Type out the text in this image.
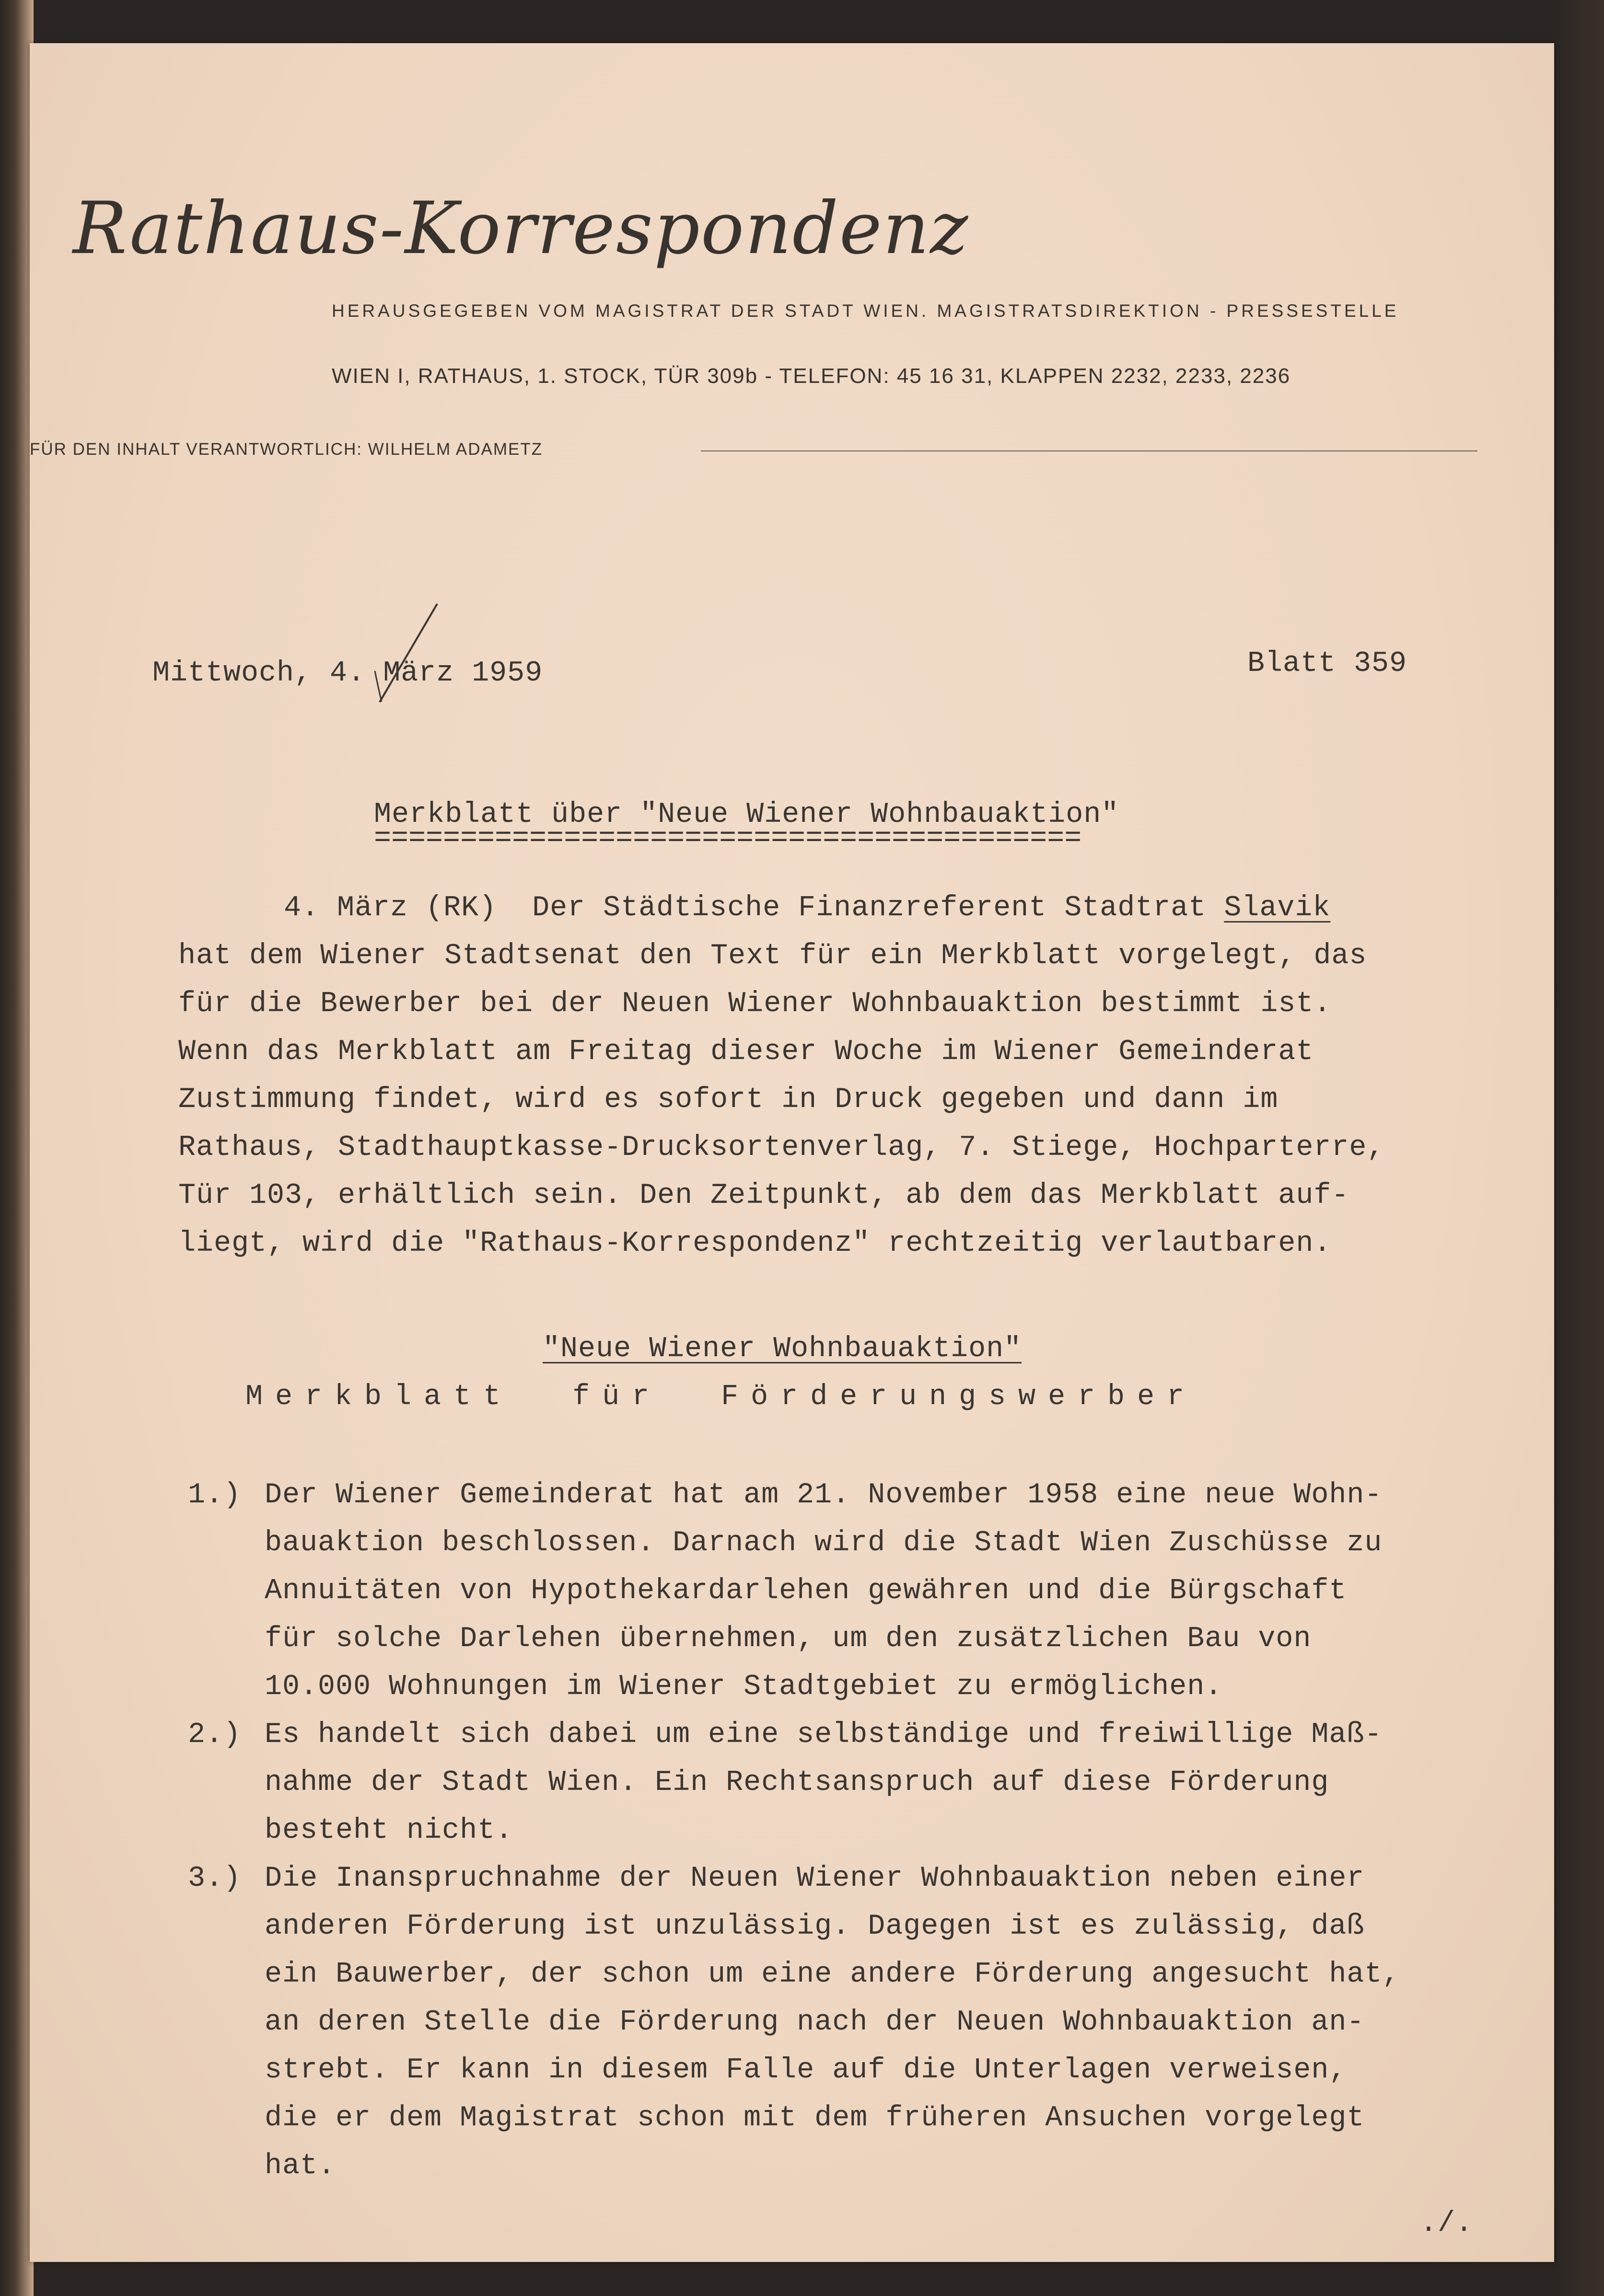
Rathaus-Korrespondenz
HERAUSGEGEBEN VOM MAGISTRAT DER STADT WIEN. MAGISTRATSDIREKTION - PRESSESTELLE
WIEN I, RATHAUS, 1. STOCK, TÜR 309b - TELEFON: 45 16 31, KLAPPEN 2232, 2233, 2236
FÜR DEN INHALT VERANTWORTLICH: WILHELM ADAMETZ
Mittwoch, 4. März 1959	Blatt 359
Merkblatt über "Neue Wiener Wohnbauaktion"
=========================================
4. März (RK)  Der Städtische Finanzreferent Stadtrat Slavik
hat dem Wiener Stadtsenat den Text für ein Merkblatt vorgelegt, das
für die Bewerber bei der Neuen Wiener Wohnbauaktion bestimmt ist.
Wenn das Merkblatt am Freitag dieser Woche im Wiener Gemeinderat
Zustimmung findet, wird es sofort in Druck gegeben und dann im
Rathaus, Stadthauptkasse-Drucksortenverlag, 7. Stiege, Hochparterre,
Tür 103, erhältlich sein. Den Zeitpunkt, ab dem das Merkblatt auf-
liegt, wird die "Rathaus-Korrespondenz" rechtzeitig verlautbaren.
"Neue Wiener Wohnbauaktion"
Merkblatt  für  Förderungswerber
1.) Der Wiener Gemeinderat hat am 21. November 1958 eine neue Wohn-
bauaktion beschlossen. Darnach wird die Stadt Wien Zuschüsse zu
Annuitäten von Hypothekardarlehen gewähren und die Bürgschaft
für solche Darlehen übernehmen, um den zusätzlichen Bau von
10.000 Wohnungen im Wiener Stadtgebiet zu ermöglichen.
2.) Es handelt sich dabei um eine selbständige und freiwillige Maß-
nahme der Stadt Wien. Ein Rechtsanspruch auf diese Förderung
besteht nicht.
3.) Die Inanspruchnahme der Neuen Wiener Wohnbauaktion neben einer
anderen Förderung ist unzulässig. Dagegen ist es zulässig, daß
ein Bauwerber, der schon um eine andere Förderung angesucht hat,
an deren Stelle die Förderung nach der Neuen Wohnbauaktion an-
strebt. Er kann in diesem Falle auf die Unterlagen verweisen,
die er dem Magistrat schon mit dem früheren Ansuchen vorgelegt
hat.
./.
